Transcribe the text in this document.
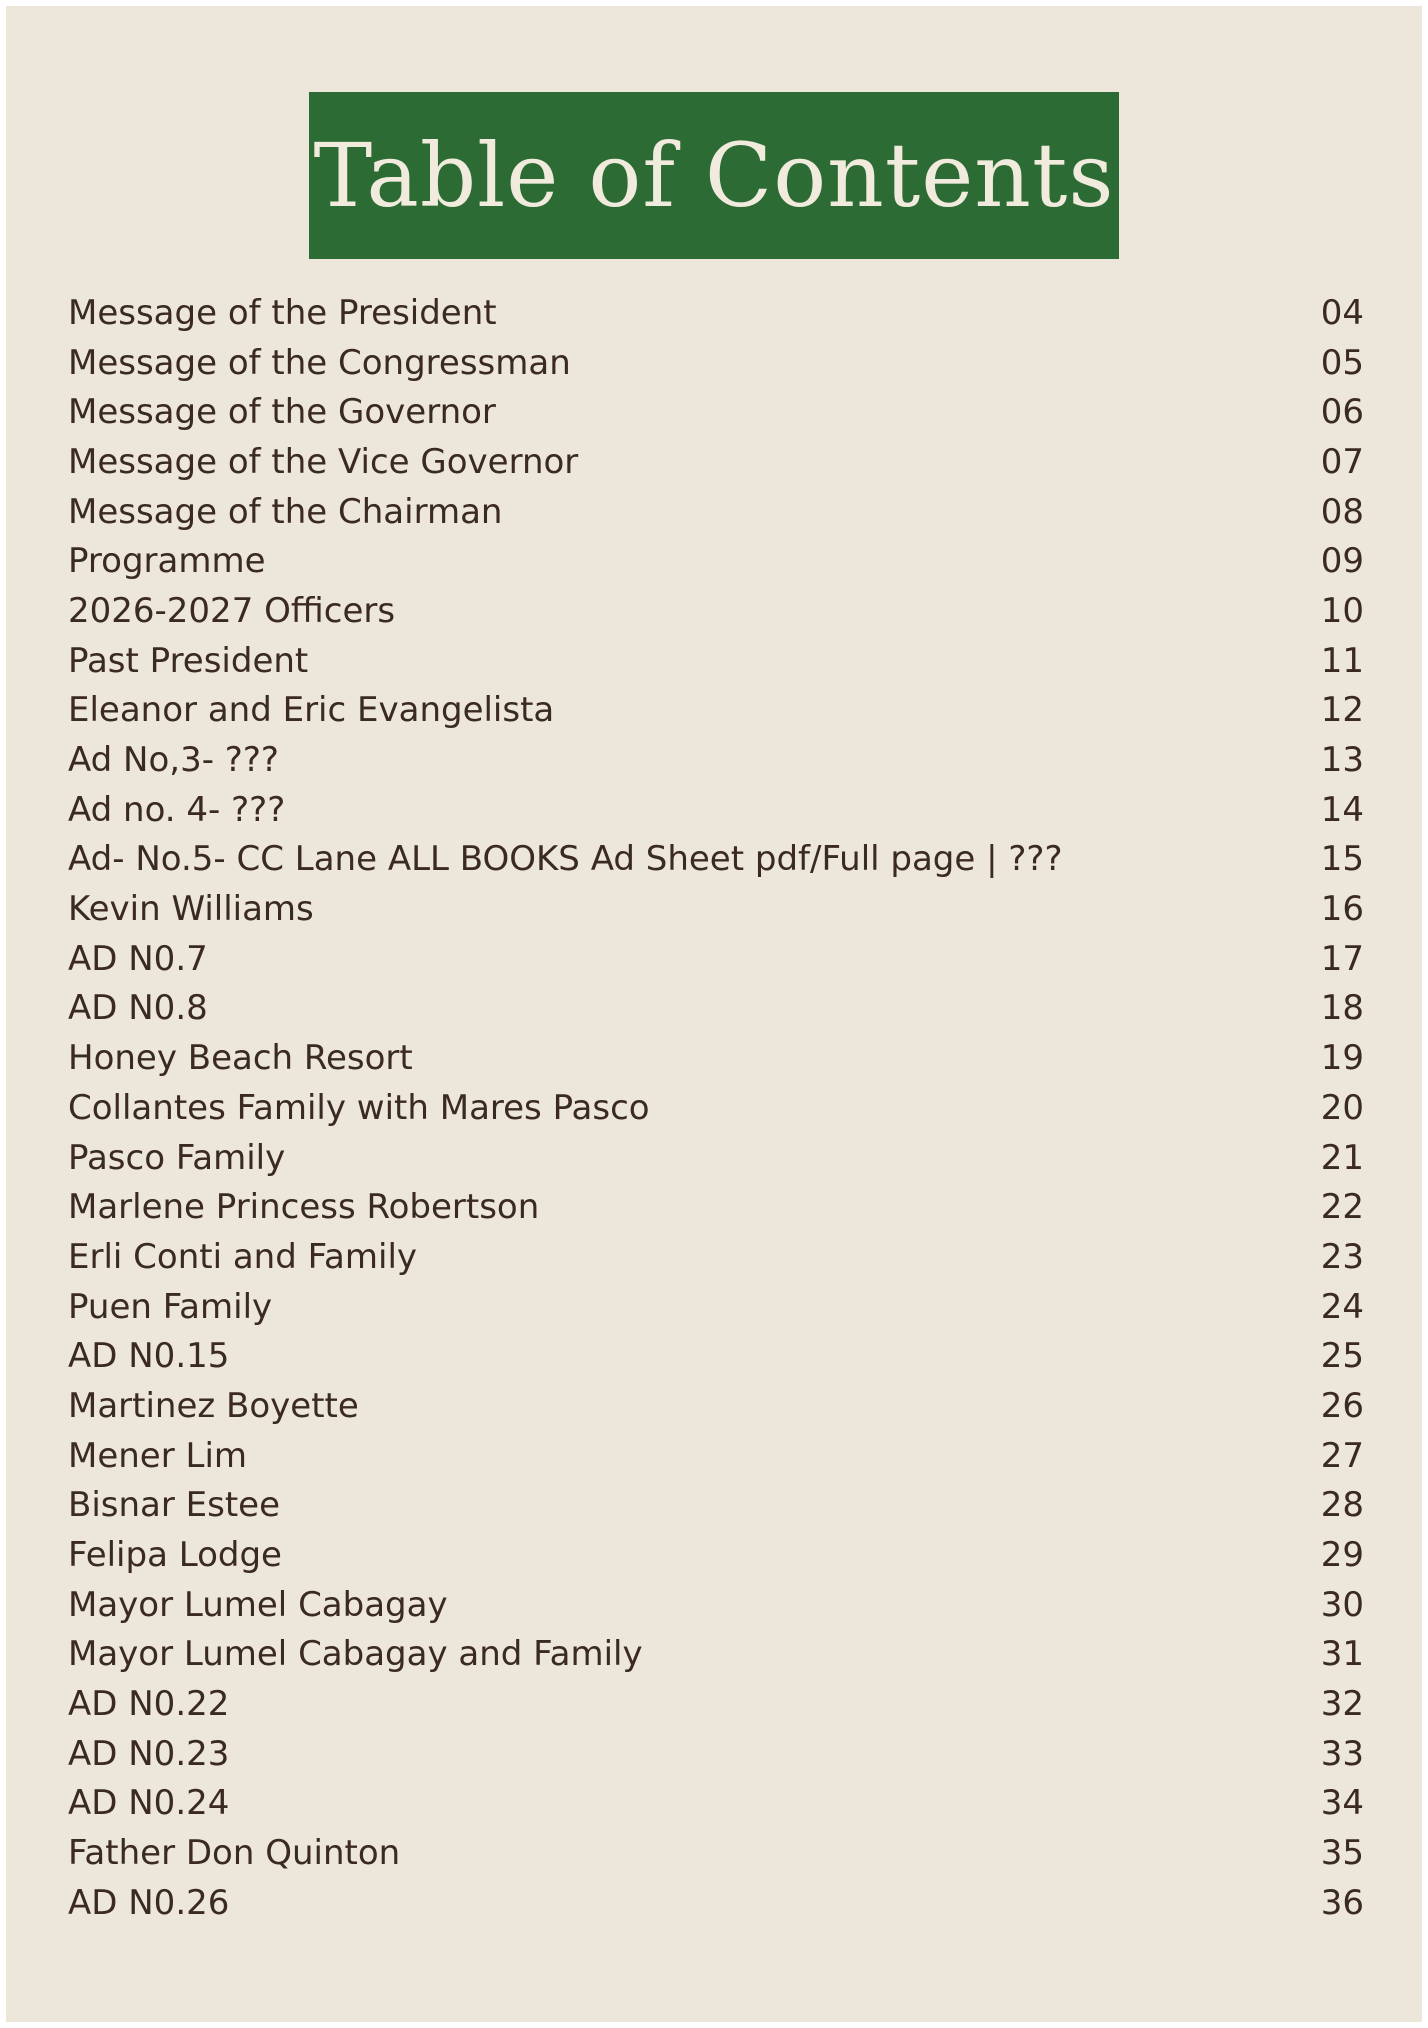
Table of Contents
Message of the President	04
Message of the Congressman	05
Message of the Governor	06
Message of the Vice Governor	07
Message of the Chairman	08
Programme	09
2026-2027 Officers	10
Past President	11
Eleanor and Eric Evangelista	12
Ad No,3- ???	13
Ad no. 4- ???	14
Ad- No.5- CC Lane ALL BOOKS Ad Sheet pdf/Full page | ???	15
Kevin Williams	16
AD N0.7	17
AD N0.8	18
Honey Beach Resort	19
Collantes Family with Mares Pasco	20
Pasco Family	21
Marlene Princess Robertson	22
Erli Conti and Family	23
Puen Family	24
AD N0.15	25
Martinez Boyette	26
Mener Lim	27
Bisnar Estee	28
Felipa Lodge	29
Mayor Lumel Cabagay	30
Mayor Lumel Cabagay and Family	31
AD N0.22	32
AD N0.23	33
AD N0.24	34
Father Don Quinton	35
AD N0.26	36
